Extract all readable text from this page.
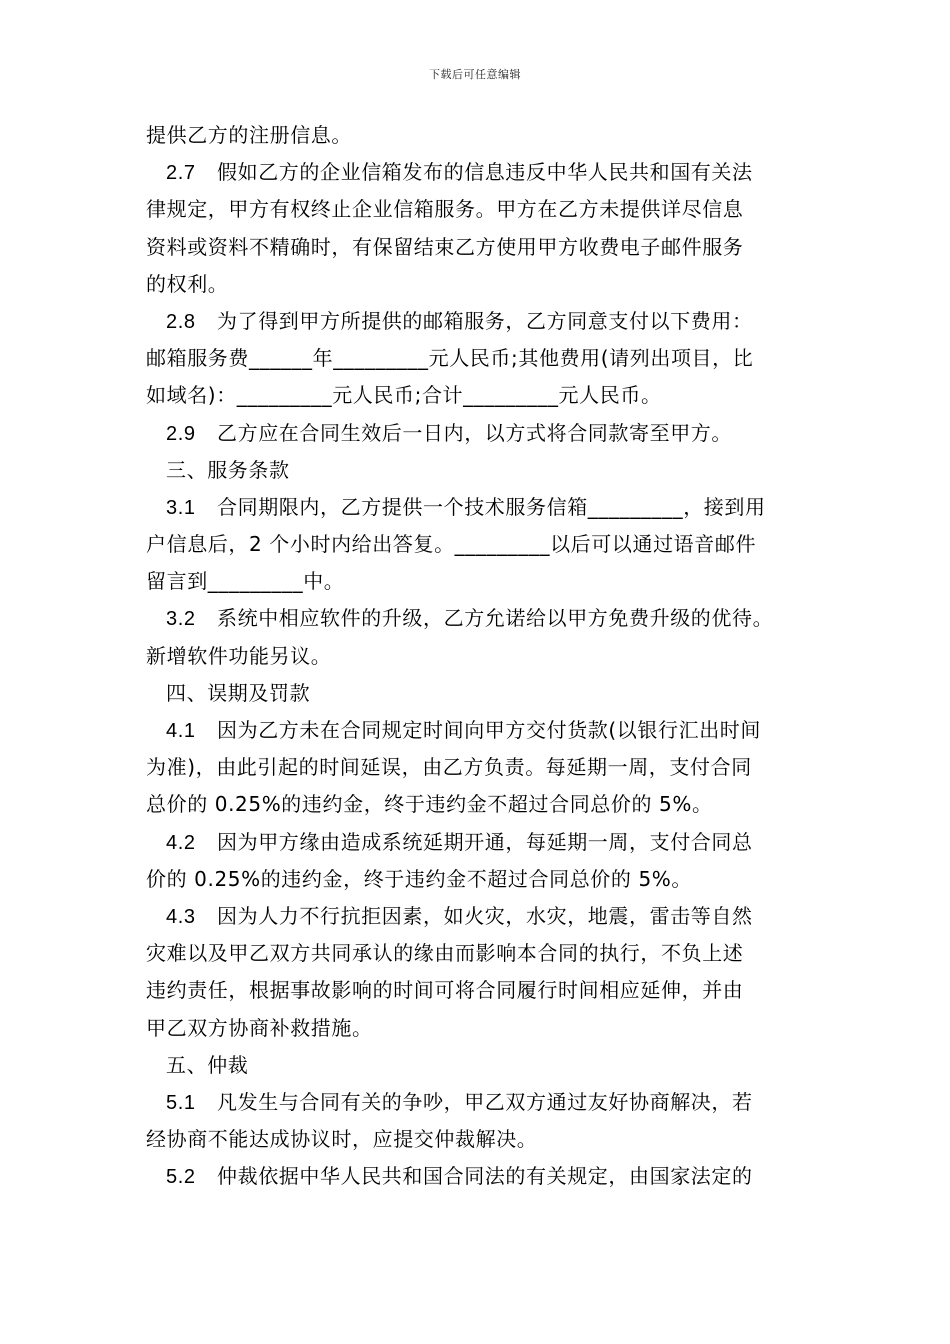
下载后可任意编辑
提供乙方的注册信息。
2.7 假如乙方的企业信箱发布的信息违反中华人民共和国有关法
律规定，甲方有权终止企业信箱服务。甲方在乙方未提供详尽信息
资料或资料不精确时，有保留结束乙方使用甲方收费电子邮件服务
的权利。
2.8 为了得到甲方所提供的邮箱服务，乙方同意支付以下费用：
邮箱服务费______年_________元人民币;其他费用(请列出项目，比
如域名)：_________元人民币;合计_________元人民币。
2.9 乙方应在合同生效后一日内，以方式将合同款寄至甲方。
三、服务条款
3.1 合同期限内，乙方提供一个技术服务信箱_________，接到用
户信息后，2 个小时内给出答复。_________以后可以通过语音邮件
留言到_________中。
3.2 系统中相应软件的升级，乙方允诺给以甲方免费升级的优待。
新增软件功能另议。
四、误期及罚款
4.1 因为乙方未在合同规定时间向甲方交付货款(以银行汇出时间
为准)，由此引起的时间延误，由乙方负责。每延期一周，支付合同
总价的 0.25%的违约金，终于违约金不超过合同总价的 5%。
4.2 因为甲方缘由造成系统延期开通，每延期一周，支付合同总
价的 0.25%的违约金，终于违约金不超过合同总价的 5%。
4.3 因为人力不行抗拒因素，如火灾，水灾，地震，雷击等自然
灾难以及甲乙双方共同承认的缘由而影响本合同的执行，不负上述
违约责任，根据事故影响的时间可将合同履行时间相应延伸，并由
甲乙双方协商补救措施。
五、仲裁
5.1 凡发生与合同有关的争吵，甲乙双方通过友好协商解决，若
经协商不能达成协议时，应提交仲裁解决。
5.2 仲裁依据中华人民共和国合同法的有关规定，由国家法定的
